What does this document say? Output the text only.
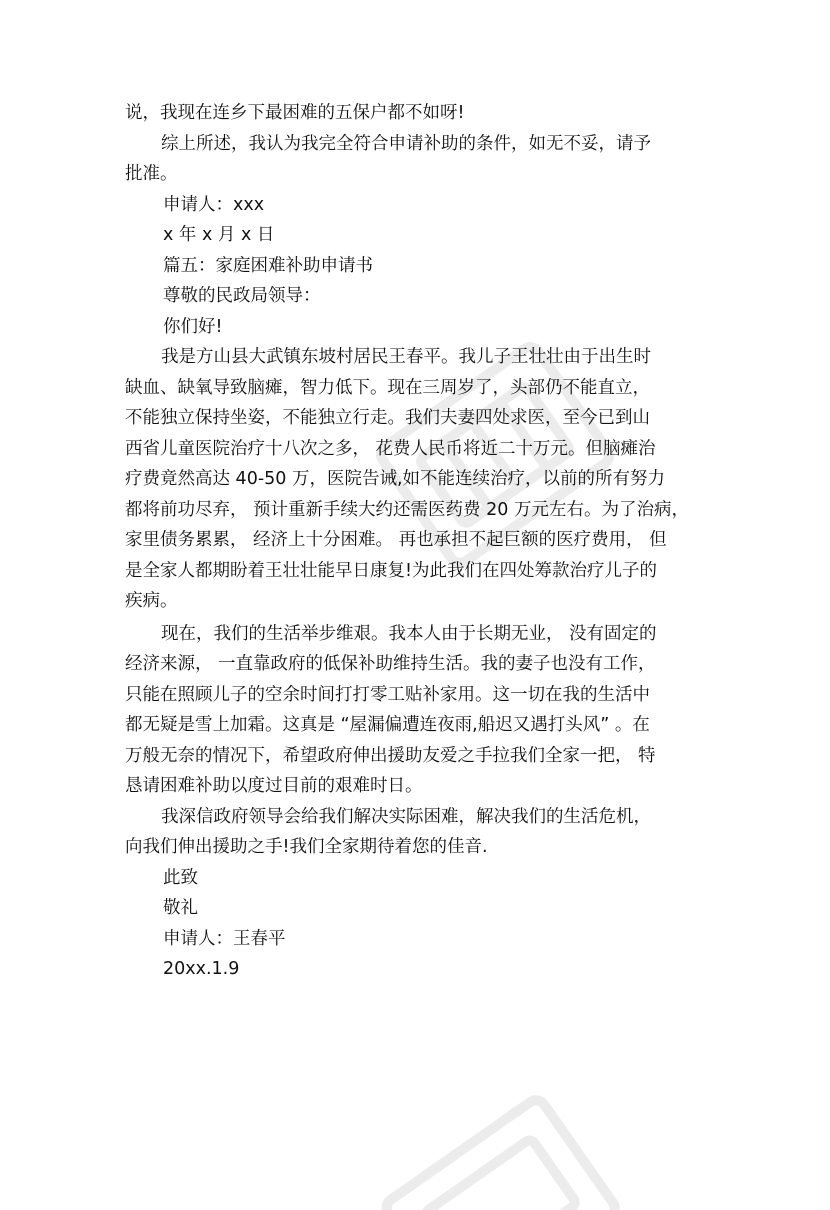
说，我现在连乡下最困难的五保户都不如呀!
综上所述，我认为我完全符合申请补助的条件，如无不妥，请予
批准。
申请人：xxx
x 年 x 月 x 日
篇五：家庭困难补助申请书
尊敬的民政局领导：
你们好!
我是方山县大武镇东坡村居民王春平。我儿子王壮壮由于出生时
缺血、缺氧导致脑瘫，智力低下。现在三周岁了，头部仍不能直立，
不能独立保持坐姿，不能独立行走。我们夫妻四处求医，至今已到山
西省儿童医院治疗十八次之多， 花费人民币将近二十万元。但脑瘫治
疗费竟然高达 40-50 万，医院告诫,如不能连续治疗，以前的所有努力
都将前功尽弃， 预计重新手续大约还需医药费 20 万元左右。为了治病，
家里债务累累， 经济上十分困难。 再也承担不起巨额的医疗费用， 但
是全家人都期盼着王壮壮能早日康复!为此我们在四处筹款治疗儿子的
疾病。
现在，我们的生活举步维艰。我本人由于长期无业， 没有固定的
经济来源， 一直靠政府的低保补助维持生活。我的妻子也没有工作，
只能在照顾儿子的空余时间打打零工贴补家用。这一切在我的生活中
都无疑是雪上加霜。这真是 “屋漏偏遭连夜雨,船迟又遇打头风” 。在
万般无奈的情况下，希望政府伸出援助友爱之手拉我们全家一把， 特
恳请困难补助以度过目前的艰难时日。
我深信政府领导会给我们解决实际困难，解决我们的生活危机，
向我们伸出援助之手!我们全家期待着您的佳音.
此致
敬礼
申请人：王春平
20xx.1.9
